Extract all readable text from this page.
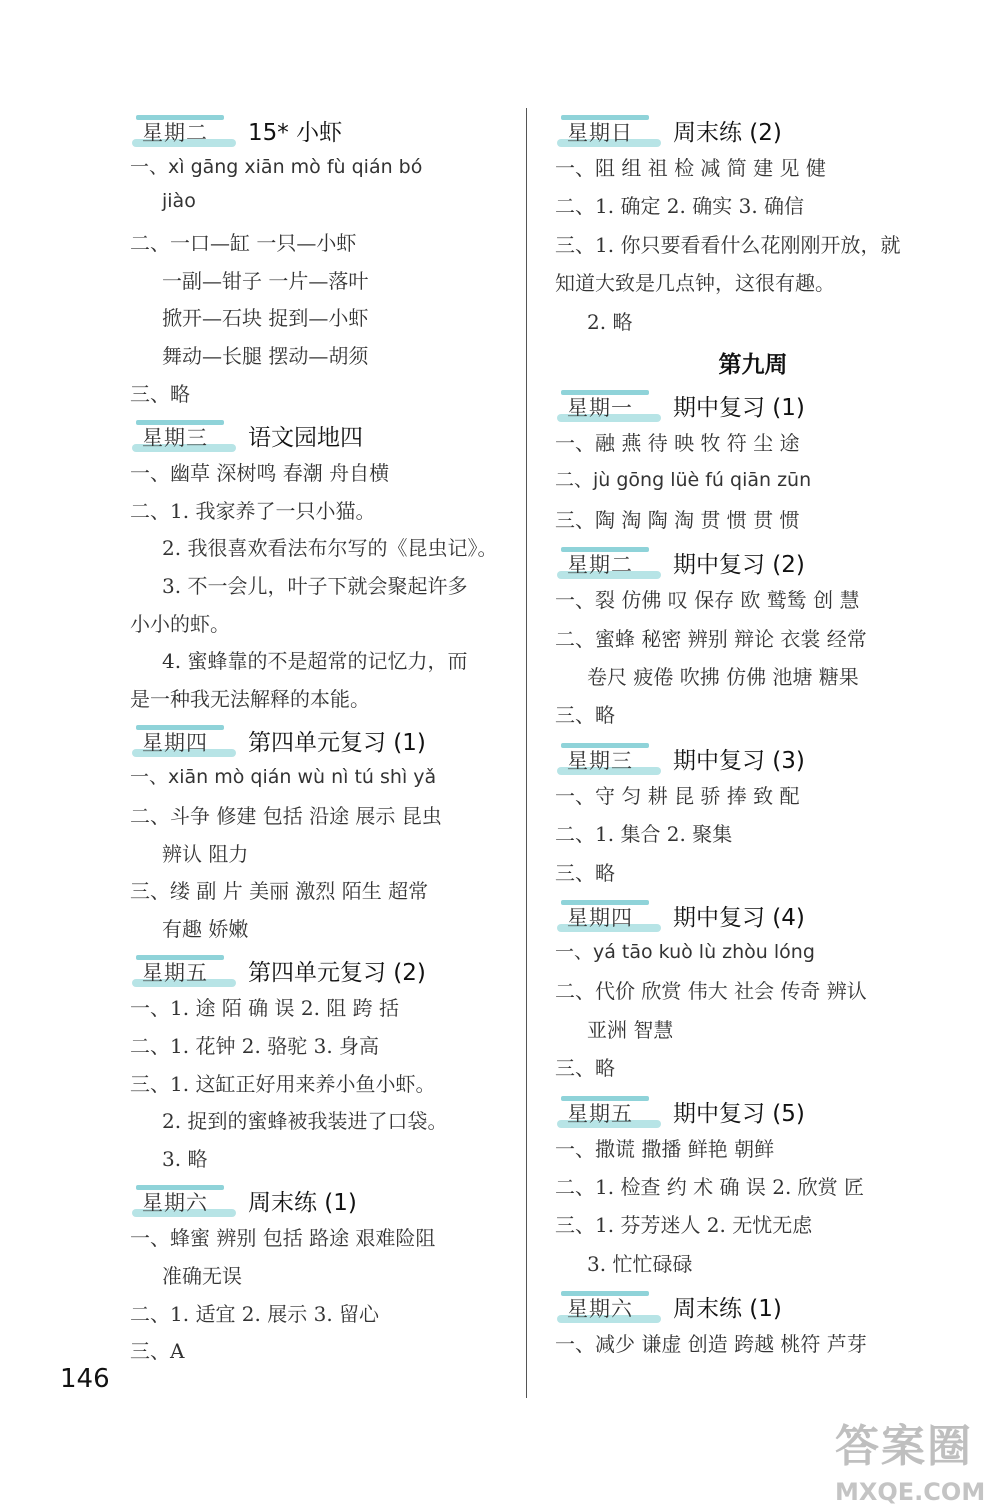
星期二 15* 小虾
一、xì gāng xiān mò fù qián bó
jiào
二、一口—缸 一只—小虾
一副—钳子 一片—落叶
掀开—石块 捉到—小虾
舞动—长腿 摆动—胡须
三、略
星期三 语文园地四
一、幽草 深树鸣 春潮 舟自横
二、1. 我家养了一只小猫。
2. 我很喜欢看法布尔写的《昆虫记》。
3. 不一会儿，叶子下就会聚起许多
小小的虾。
4. 蜜蜂靠的不是超常的记忆力，而
是一种我无法解释的本能。
星期四 第四单元复习 (1)
一、xiān mò qián wù nì tú shì yǎ
二、斗争 修建 包括 沿途 展示 昆虫
辨认 阻力
三、缕 副 片 美丽 激烈 陌生 超常
有趣 娇嫩
星期五 第四单元复习 (2)
一、1. 途 陌 确 误 2. 阻 跨 括
二、1. 花钟 2. 骆驼 3. 身高
三、1. 这缸正好用来养小鱼小虾。
2. 捉到的蜜蜂被我装进了口袋。
3. 略
星期六 周末练 (1)
一、蜂蜜 辨别 包括 路途 艰难险阻
准确无误
二、1. 适宜 2. 展示 3. 留心
三、A
星期日 周末练 (2)
一、阻 组 祖 检 减 简 建 见 健
二、1. 确定 2. 确实 3. 确信
三、1. 你只要看看什么花刚刚开放，就
知道大致是几点钟，这很有趣。
2. 略
第九周
星期一 期中复习 (1)
一、融 燕 待 映 牧 符 尘 途
二、jù gōng lüè fú qiān zūn
三、陶 淘 陶 淘 贯 惯 贯 惯
星期二 期中复习 (2)
一、裂 仿佛 叹 保存 欧 鹫鸶 创 慧
二、蜜蜂 秘密 辨别 辩论 衣裳 经常
卷尺 疲倦 吹拂 仿佛 池塘 糖果
三、略
星期三 期中复习 (3)
一、守 匀 耕 昆 骄 捧 致 配
二、1. 集合 2. 聚集
三、略
星期四 期中复习 (4)
一、yá tāo kuò lù zhòu lóng
二、代价 欣赏 伟大 社会 传奇 辨认
亚洲 智慧
三、略
星期五 期中复习 (5)
一、撒谎 撒播 鲜艳 朝鲜
二、1. 检查 约 术 确 误 2. 欣赏 匠
三、1. 芬芳迷人 2. 无忧无虑
3. 忙忙碌碌
星期六 周末练 (1)
一、减少 谦虚 创造 跨越 桃符 芦芽
146
答案圈
MXQE.COM
